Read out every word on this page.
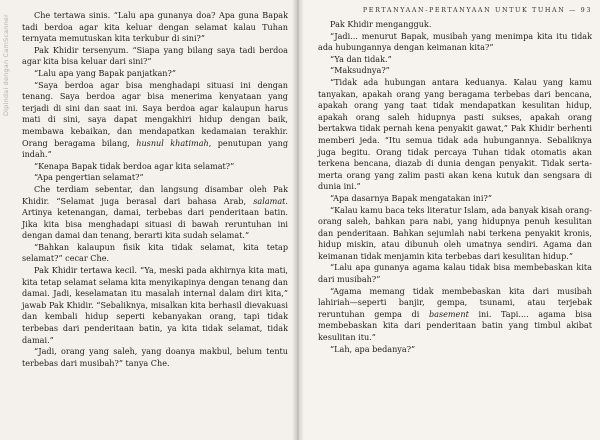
Dipindai dengan CamScanner	Che tertawa sinis. “Lalu apa gunanya doa? Apa guna Bapak tadi berdoa agar kita keluar dengan selamat kalau Tuhan ternyata memutuskan kita terkubur di sini?”

Pak Khidir tersenyum. “Siapa yang bilang saya tadi berdoa agar kita bisa keluar dari sini?”

“Lalu apa yang Bapak panjatkan?”

“Saya berdoa agar bisa menghadapi situasi ini dengan tenang. Saya berdoa agar bisa menerima kenyataan yang terjadi di sini dan saat ini. Saya berdoa agar kalaupun harus mati di sini, saya dapat mengakhiri hidup dengan baik, membawa kebaikan, dan mendapatkan kedamaian terakhir. Orang beragama bilang, husnul khatimah, penutupan yang indah.”

“Kenapa Bapak tidak berdoa agar kita selamat?”

“Apa pengertian selamat?”

Che terdiam sebentar, dan langsung disambar oleh Pak Khidir. “Selamat juga berasal dari bahasa Arab, salamat. Artinya ketenangan, damai, terbebas dari penderitaan batin. Jika kita bisa menghadapi situasi di bawah reruntuhan ini dengan damai dan tenang, berarti kita sudah selamat.”

“Bahkan kalaupun fisik kita tidak selamat, kita tetap selamat?” cecar Che.

Pak Khidir tertawa kecil. “Ya, meski pada akhirnya kita mati, kita tetap selamat selama kita menyikapinya dengan tenang dan damai. Jadi, keselamatan itu masalah internal dalam diri kita,” jawab Pak Khidir. “Sebaliknya, misalkan kita berhasil dievakuasi dan kembali hidup seperti kebanyakan orang, tapi tidak terbebas dari penderitaan batin, ya kita tidak selamat, tidak damai.”

“Jadi, orang yang saleh, yang doanya makbul, belum tentu terbebas dari musibah?” tanya Che.

PERTANYAAN-PERTANYAAN UNTUK TUHAN — 93

Pak Khidir mengangguk.

“Jadi... menurut Bapak, musibah yang menimpa kita itu tidak ada hubungannya dengan keimanan kita?”

“Ya dan tidak.”

“Maksudnya?”

“Tidak ada hubungan antara keduanya. Kalau yang kamu tanyakan, apakah orang yang beragama terbebas dari bencana, apakah orang yang taat tidak mendapatkan kesulitan hidup, apakah orang saleh hidupnya pasti sukses, apakah orang bertakwa tidak pernah kena penyakit gawat,” Pak Khidir berhenti memberi jeda. “Itu semua tidak ada hubungannya. Sebaliknya juga begitu. Orang tidak percaya Tuhan tidak otomatis akan terkena bencana, diazab di dunia dengan penyakit. Tidak serta-merta orang yang zalim pasti akan kena kutuk dan sengsara di dunia ini.”

“Apa dasarnya Bapak mengatakan ini?”

“Kalau kamu baca teks literatur Islam, ada banyak kisah orang-orang saleh, bahkan para nabi, yang hidupnya penuh kesulitan dan penderitaan. Bahkan sejumlah nabi terkena penyakit kronis, hidup miskin, atau dibunuh oleh umatnya sendiri. Agama dan keimanan tidak menjamin kita terbebas dari kesulitan hidup.”

“Lalu apa gunanya agama kalau tidak bisa membebaskan kita dari musibah?”

“Agama memang tidak membebaskan kita dari musibah lahiriah—seperti banjir, gempa, tsunami, atau terjebak reruntuhan gempa di basement ini. Tapi.... agama bisa membebaskan kita dari penderitaan batin yang timbul akibat kesulitan itu.”

“Lah, apa bedanya?”
